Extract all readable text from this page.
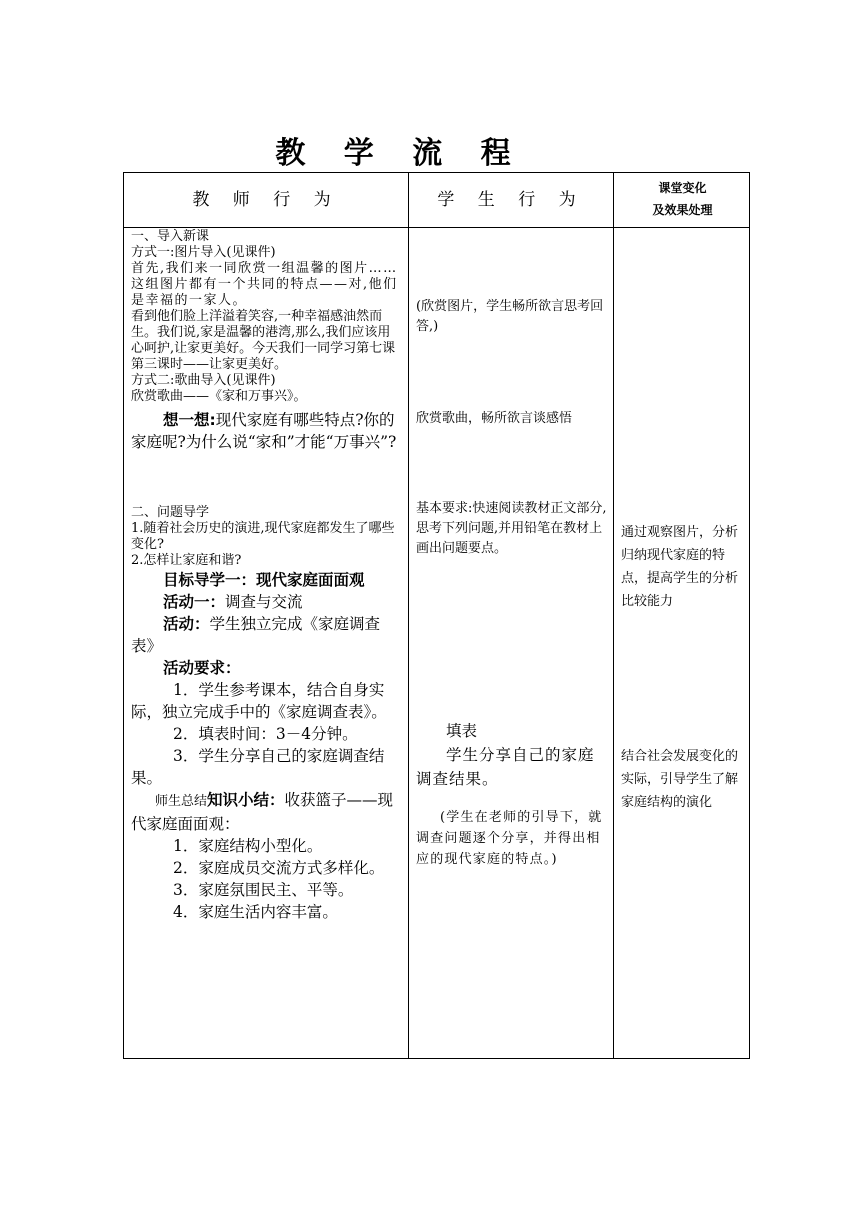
教 学 流 程
教 师 行 为	学 生 行 为
课堂变化
及效果处理

一、导入新课

方式一:图片导入(见课件)

首先,我们来一同欣赏一组温馨的图片……这组图片都有一个共同的特点——对,他们是幸福的一家人。

看到他们脸上洋溢着笑容,一种幸福感油然而生。我们说,家是温馨的港湾,那么,我们应该用心呵护,让家更美好。今天我们一同学习第七课第三课时——让家更美好。

方式二:歌曲导入(见课件)

欣赏歌曲——《家和万事兴》。

想一想:现代家庭有哪些特点?你的家庭呢?为什么说“家和”才能“万事兴”?

二、问题导学

1.随着社会历史的演进,现代家庭都发生了哪些变化?

2.怎样让家庭和谐?

目标导学一：现代家庭面面观

活动一：调查与交流

活动：学生独立完成《家庭调查表》

活动要求：

1．学生参考课本，结合自身实际，独立完成手中的《家庭调查表》。

2．填表时间：3－4分钟。

3．学生分享自己的家庭调查结果。

师生总结知识小结：收获篮子——现代家庭面面观：

1．家庭结构小型化。

2．家庭成员交流方式多样化。

3．家庭氛围民主、平等。

4．家庭生活内容丰富。

(欣赏图片，学生畅所欲言思考回答,)
欣赏歌曲，畅所欲言谈感悟
基本要求:快速阅读教材正文部分,思考下列问题,并用铅笔在教材上画出问题要点。
填表
学生分享自己的家庭调查结果。
(学生在老师的引导下，就调查问题逐个分享，并得出相应的现代家庭的特点。)
通过观察图片，分析归纳现代家庭的特点，提高学生的分析比较能力
结合社会发展变化的实际，引导学生了解家庭结构的演化
